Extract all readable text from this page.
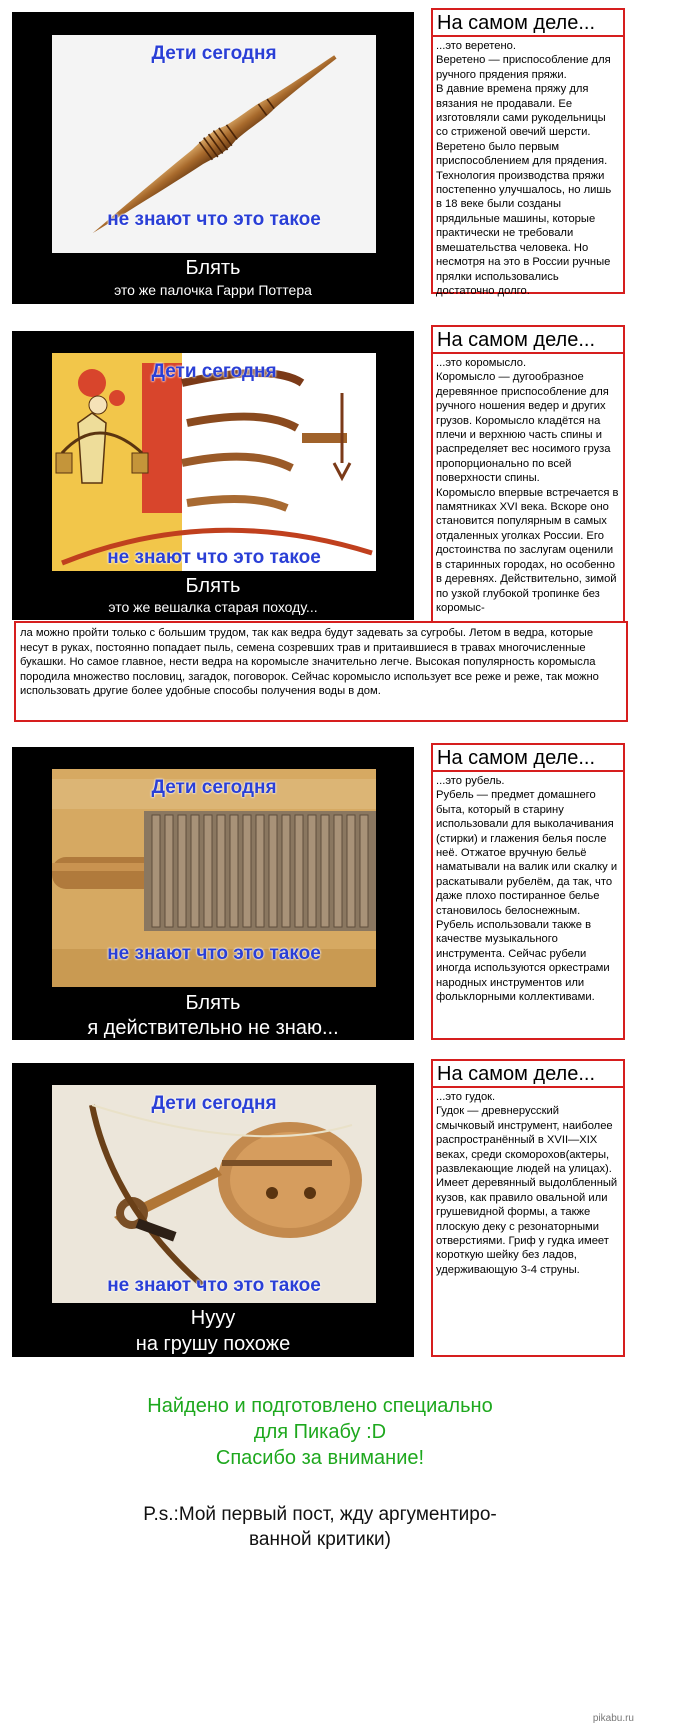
Дети сегодня
не знают что это такое
Блять
это же палочка Гарри Поттера
На самом деле...
...это веретено.
Веретено — приспособление для ручного прядения пряжи.
В давние времена пряжу для вязания не продавали. Ее изготовляли сами рукодельницы со стриженой овечий шерсти. Веретено было первым приспособлением для прядения. Технология производства пряжи постепенно улучшалось, но лишь в 18 веке были созданы прядильные машины, которые практически не требовали вмешательства человека. Но несмотря на это в России ручные прялки использовались достаточно долго.
Дети сегодня
не знают что это такое
Блять
это же вешалка старая походу...
На самом деле...
...это коромысло.
Коромысло — дугообразное деревянное приспособление для ручного ношения ведер и других грузов. Коромысло кладётся на плечи и верхнюю часть спины и распределяет вес носимого груза пропорционально по всей поверхности спины.
Коромысло впервые встречается в памятниках XVI века. Вскоре оно становится популярным в самых отдаленных уголках России. Его достоинства по заслугам оценили в старинных городах, но особенно в деревнях. Действительно, зимой по узкой глубокой тропинке без коромыс-
ла можно пройти только с большим трудом, так как ведра будут задевать за сугробы. Летом в ведра, которые несут в руках, постоянно попадает пыль, семена созревших трав и притаившиеся в травах многочисленные букашки. Но самое главное, нести ведра на коромысле значительно легче. Высокая популярность коромысла породила множество пословиц, загадок, поговорок. Сейчас коромысло использует все реже и реже, так можно использовать другие более удобные способы получения воды в дом.
Дети сегодня
не знают что это такое
Блять
я действительно не знаю...
На самом деле...
...это рубель.
Рубель — предмет домашнего быта, который в старину использовали для выколачивания (стирки) и глажения белья после неё. Отжатое вручную бельё наматывали на валик или скалку и раскатывали рубелём, да так, что даже плохо постиранное белье становилось белоснежным. Рубель использовали также в качестве музыкального инструмента. Сейчас рубели иногда используются оркестрами народных инструментов или фольклорными коллективами.
Дети сегодня
не знают что это такое
Нууу
на грушу похоже
На самом деле...
...это гудок.
Гудок — древнерусский смычковый инструмент, наиболее распространённый в XVII—XIX веках, среди скоморохов(актеры, развлекающие людей на улицах). Имеет деревянный выдолбленный кузов, как правило овальной или грушевидной формы, а также плоскую деку с резонаторными отверстиями. Гриф у гудка имеет короткую шейку без ладов, удерживающую 3-4 струны.
Найдено и подготовлено специально
для Пикабу :D
Спасибо за внимание!
P.s.:Мой первый пост, жду аргументиро-
ванной критики)
pikabu.ru
